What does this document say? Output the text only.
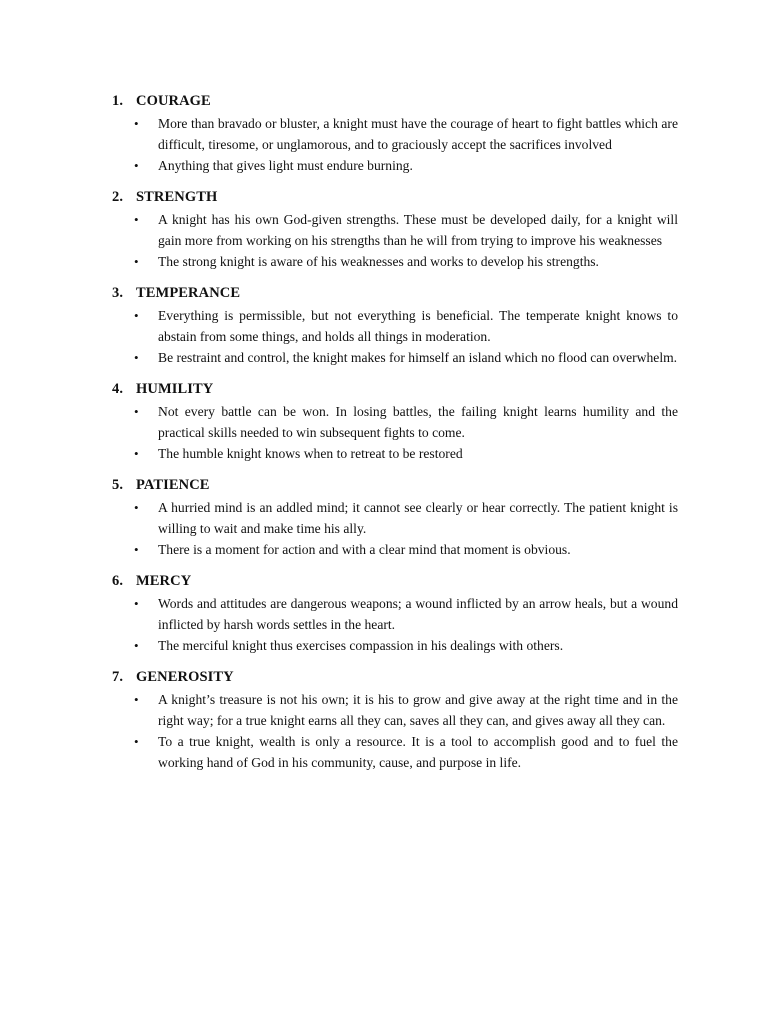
1. COURAGE
• More than bravado or bluster, a knight must have the courage of heart to fight battles which are difficult, tiresome, or unglamorous, and to graciously accept the sacrifices involved
• Anything that gives light must endure burning.
2. STRENGTH
• A knight has his own God-given strengths. These must be developed daily, for a knight will gain more from working on his strengths than he will from trying to improve his weaknesses
• The strong knight is aware of his weaknesses and works to develop his strengths.
3. TEMPERANCE
• Everything is permissible, but not everything is beneficial. The temperate knight knows to abstain from some things, and holds all things in moderation.
• Be restraint and control, the knight makes for himself an island which no flood can overwhelm.
4. HUMILITY
• Not every battle can be won. In losing battles, the failing knight learns humility and the practical skills needed to win subsequent fights to come.
• The humble knight knows when to retreat to be restored
5. PATIENCE
• A hurried mind is an addled mind; it cannot see clearly or hear correctly. The patient knight is willing to wait and make time his ally.
• There is a moment for action and with a clear mind that moment is obvious.
6. MERCY
• Words and attitudes are dangerous weapons; a wound inflicted by an arrow heals, but a wound inflicted by harsh words settles in the heart.
• The merciful knight thus exercises compassion in his dealings with others.
7. GENEROSITY
• A knight’s treasure is not his own; it is his to grow and give away at the right time and in the right way; for a true knight earns all they can, saves all they can, and gives away all they can.
• To a true knight, wealth is only a resource. It is a tool to accomplish good and to fuel the working hand of God in his community, cause, and purpose in life.
